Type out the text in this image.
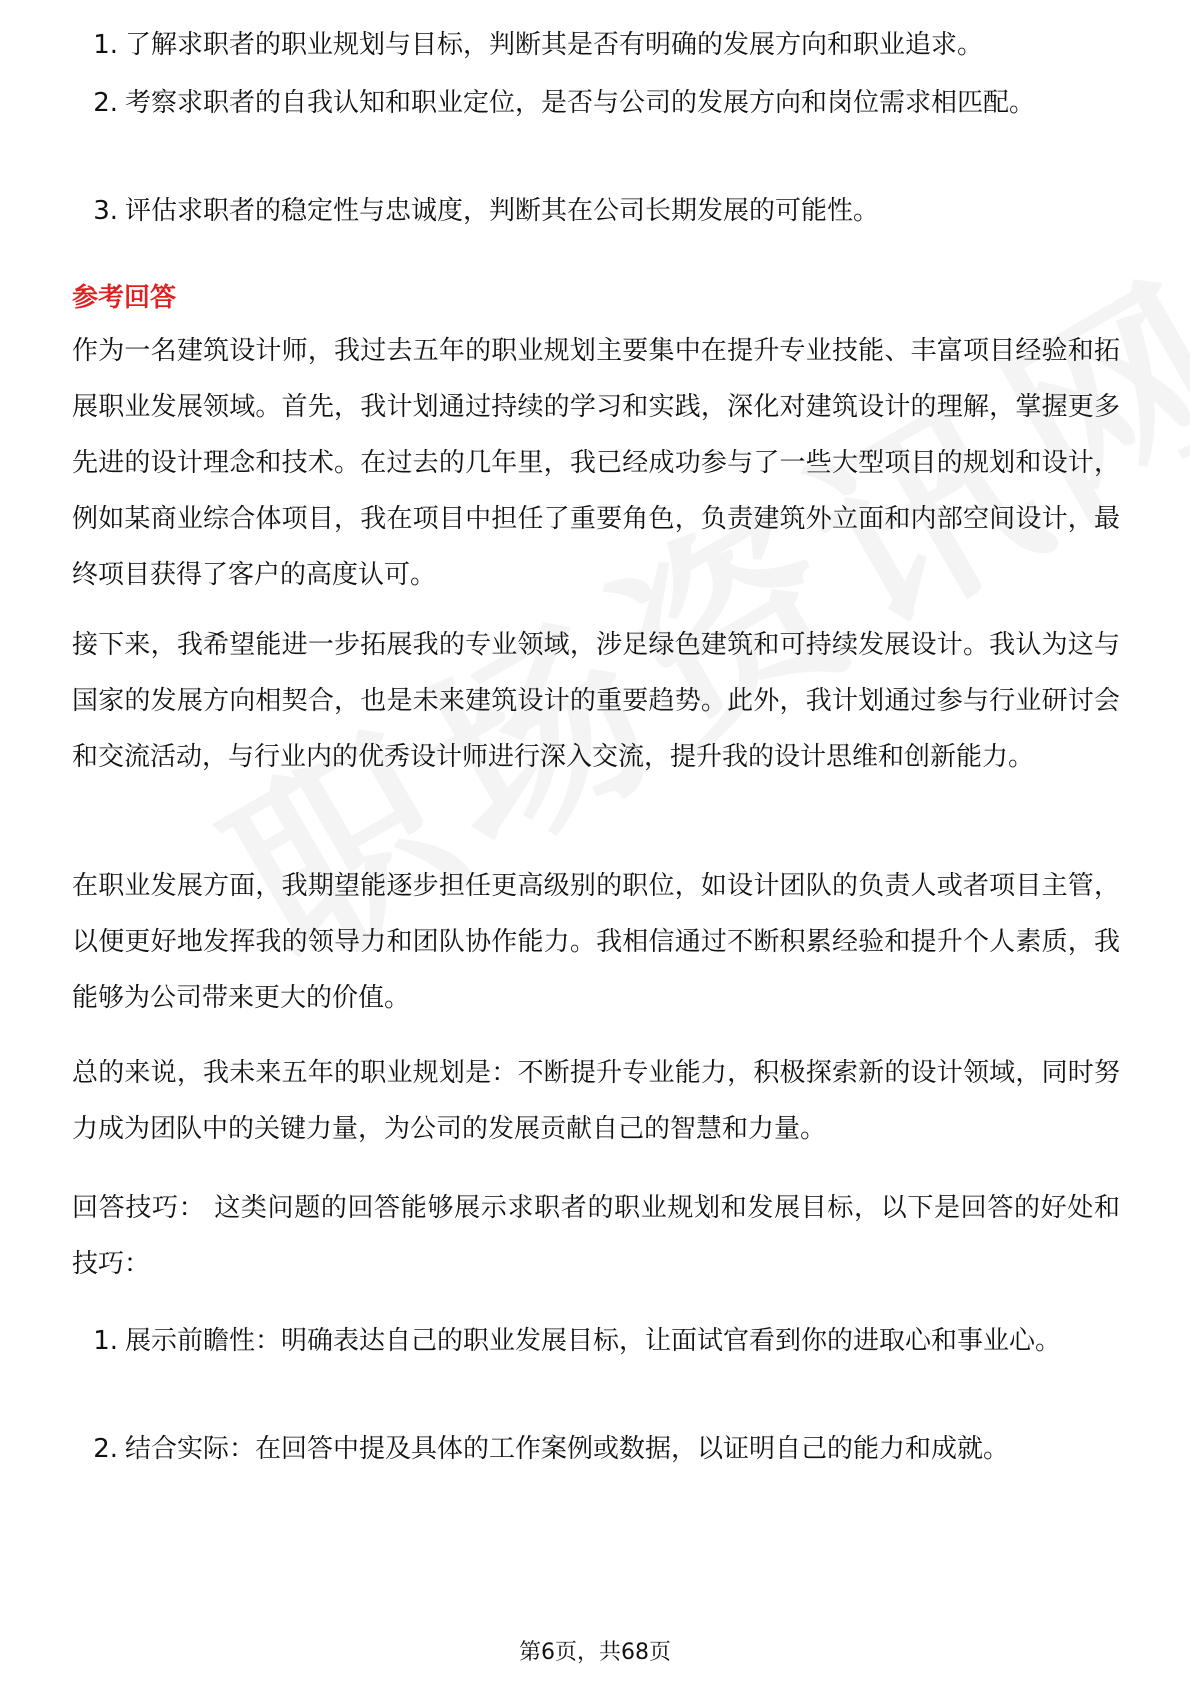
1. 了解求职者的职业规划与目标，判断其是否有明确的发展方向和职业追求。
2. 考察求职者的自我认知和职业定位，是否与公司的发展方向和岗位需求相匹配。
3. 评估求职者的稳定性与忠诚度，判断其在公司长期发展的可能性。
参考回答
作为一名建筑设计师，我过去五年的职业规划主要集中在提升专业技能、丰富项目经验和拓展职业发展领域。首先，我计划通过持续的学习和实践，深化对建筑设计的理解，掌握更多先进的设计理念和技术。在过去的几年里，我已经成功参与了一些大型项目的规划和设计，例如某商业综合体项目，我在项目中担任了重要角色，负责建筑外立面和内部空间设计，最终项目获得了客户的高度认可。
接下来，我希望能进一步拓展我的专业领域，涉足绿色建筑和可持续发展设计。我认为这与国家的发展方向相契合，也是未来建筑设计的重要趋势。此外，我计划通过参与行业研讨会和交流活动，与行业内的优秀设计师进行深入交流，提升我的设计思维和创新能力。
在职业发展方面，我期望能逐步担任更高级别的职位，如设计团队的负责人或者项目主管，以便更好地发挥我的领导力和团队协作能力。我相信通过不断积累经验和提升个人素质，我能够为公司带来更大的价值。
总的来说，我未来五年的职业规划是：不断提升专业能力，积极探索新的设计领域，同时努力成为团队中的关键力量，为公司的发展贡献自己的智慧和力量。
回答技巧： 这类问题的回答能够展示求职者的职业规划和发展目标，以下是回答的好处和技巧：
1. 展示前瞻性：明确表达自己的职业发展目标，让面试官看到你的进取心和事业心。
2. 结合实际：在回答中提及具体的工作案例或数据，以证明自己的能力和成就。
第6页，共68页
